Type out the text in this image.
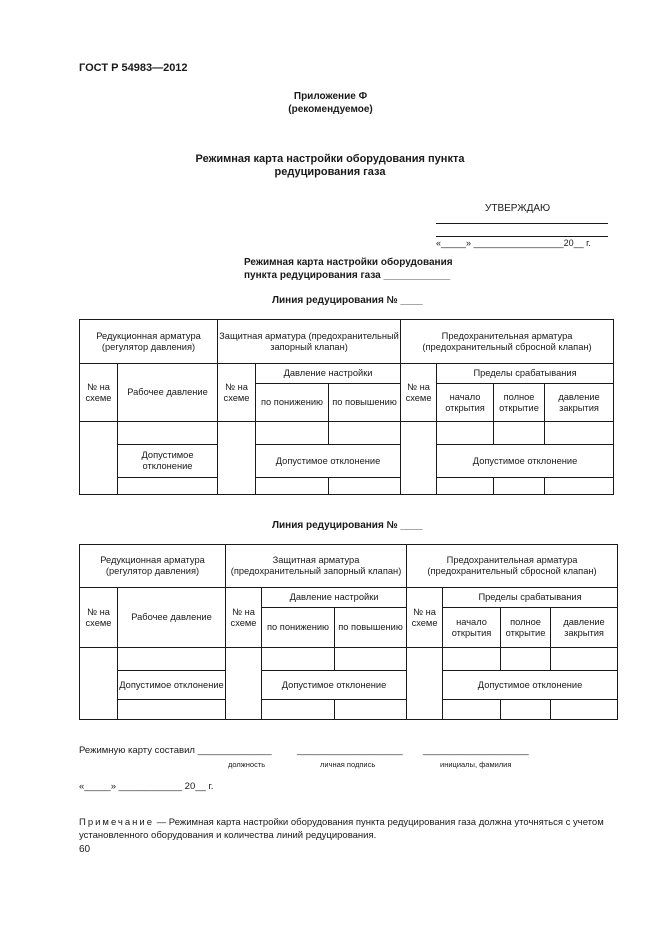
ГОСТ Р 54983—2012
Приложение Ф
(рекомендуемое)
Режимная карта настройки оборудования пункта
редуцирования газа
УТВЕРЖДАЮ
«_____» __________________20__ г.
Режимная карта настройки оборудования
пункта редуцирования газа ____________
Линия редуцирования № ____
Редукционная арматура (регулятор давления)		Защитная арматура (предохранительный запорный клапан)			Предохранительная арматура (предохранительный сбросной клапан)			
№ на схеме	Рабочее давление	№ на схеме	Давление настройки		№ на схеме	Пределы срабатывания		
			по понижению	по повышению		начало открытия	полное открытие	давление закрытия

	Допустимое отклонение		Допустимое отклонение			Допустимое отклонение		

Линия редуцирования № ____
Редукционная арматура (регулятор давления)		Защитная арматура (предохранительный запорный клапан)			Предохранительная арматура (предохранительный сбросной клапан)			
№ на схеме	Рабочее давление	№ на схеме	Давление настройки		№ на схеме	Пределы срабатывания		
			по понижению	по повышению		начало открытия	полное открытие	давление закрытия

	Допустимое отклонение		Допустимое отклонение			Допустимое отклонение		

Режимную карту составил ______________	____________________ ____________________
должность	личная подпись	инициалы, фамилия
«_____» ____________ 20__ г.
Примечание — Режимная карта настройки оборудования пункта редуцирования газа должна уточняться с учетом установленного оборудования и количества линий редуцирования.
60
